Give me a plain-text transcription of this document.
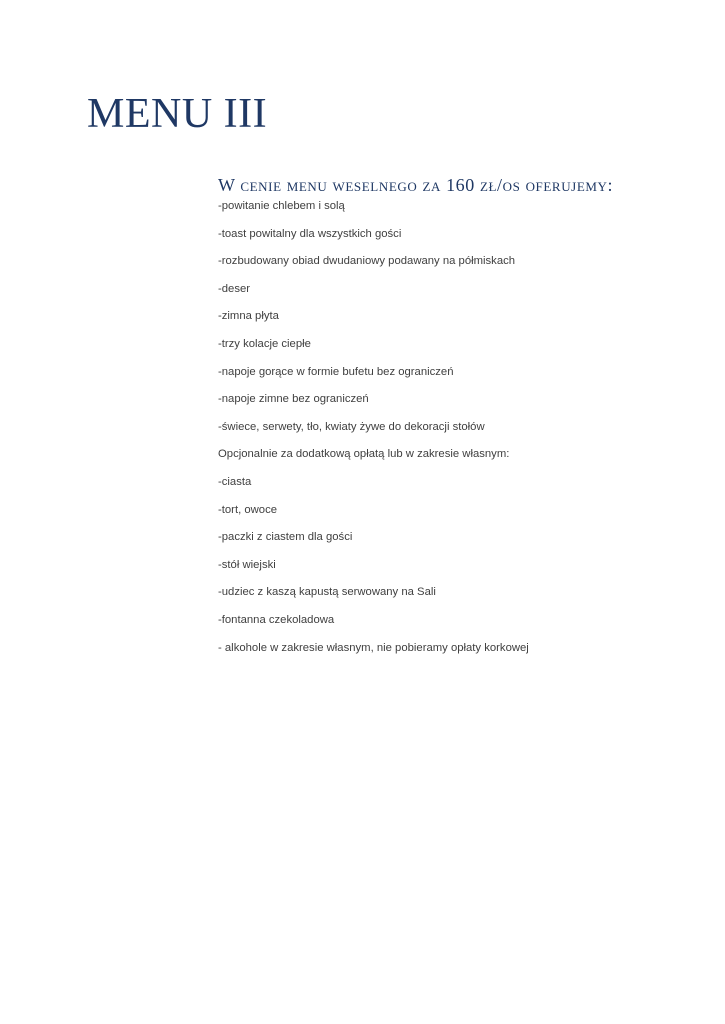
MENU III
W cenie menu weselnego za 160 zł/os oferujemy:
-powitanie chlebem i solą
-toast powitalny dla wszystkich gości
-rozbudowany obiad dwudaniowy podawany na półmiskach
-deser
-zimna płyta
-trzy kolacje ciepłe
-napoje gorące w formie bufetu bez ograniczeń
-napoje zimne bez ograniczeń
-świece, serwety, tło, kwiaty żywe do dekoracji stołów
Opcjonalnie za dodatkową opłatą lub w zakresie własnym:
-ciasta
-tort, owoce
-paczki z ciastem dla gości
-stół wiejski
-udziec z kaszą kapustą serwowany na Sali
-fontanna czekoladowa
- alkohole w zakresie własnym, nie pobieramy opłaty korkowej
